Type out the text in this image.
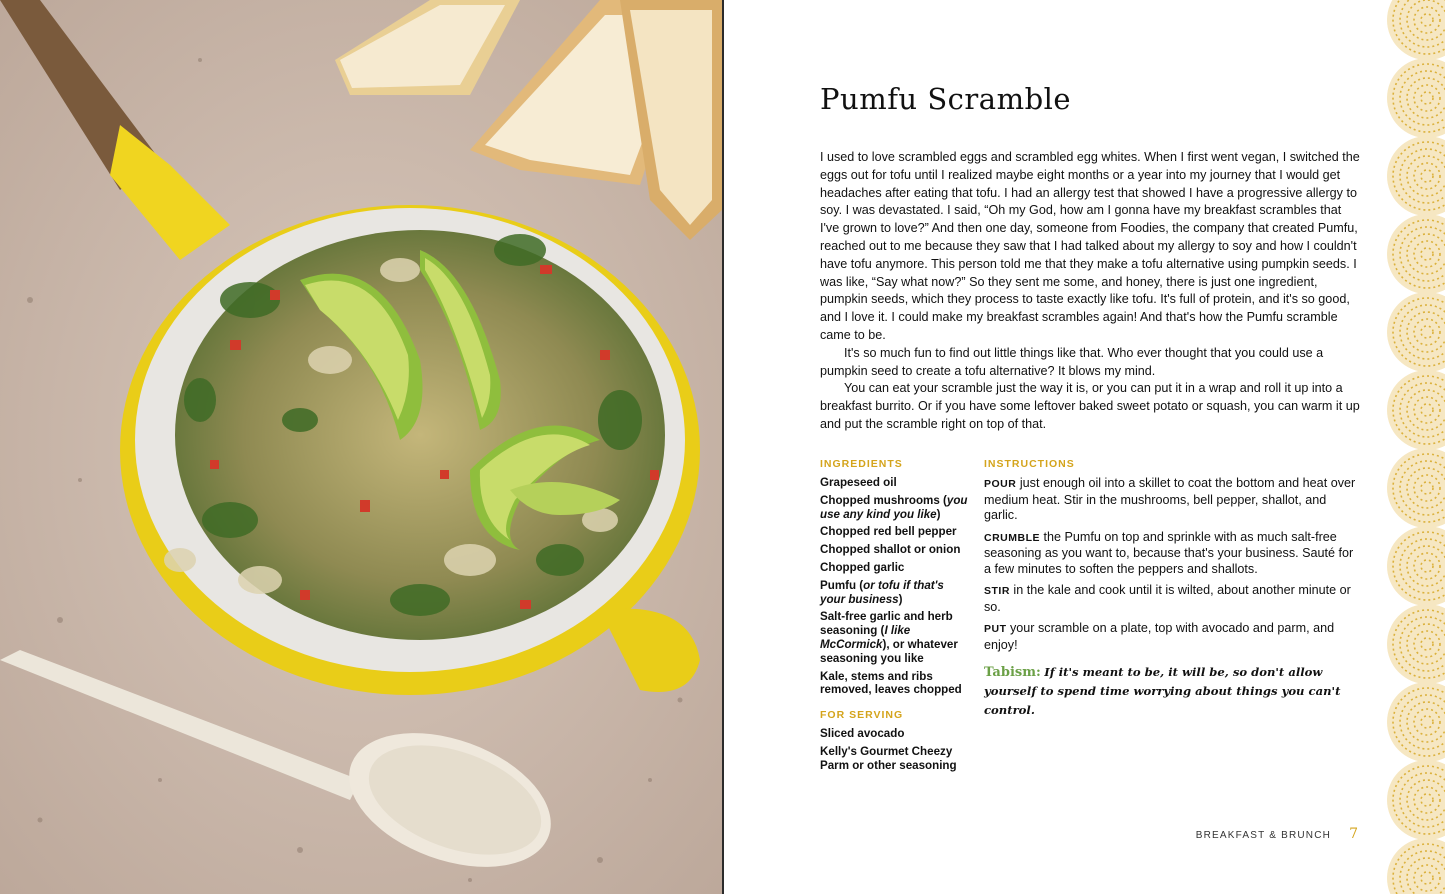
Pumfu Scramble

I used to love scrambled eggs and scrambled egg whites. When I first went vegan, I switched the eggs out for tofu until I realized maybe eight months or a year into my journey that I would get headaches after eating that tofu. I had an allergy test that showed I have a progressive allergy to soy. I was devastated. I said, “Oh my God, how am I gonna have my breakfast scrambles that I've grown to love?” And then one day, someone from Foodies, the company that created Pumfu, reached out to me because they saw that I had talked about my allergy to soy and how I couldn't have tofu anymore. This person told me that they make a tofu alternative using pumpkin seeds. I was like, “Say what now?” So they sent me some, and honey, there is just one ingredient, pumpkin seeds, which they process to taste exactly like tofu. It's full of protein, and it's so good, and I love it. I could make my breakfast scrambles again! And that's how the Pumfu scramble came to be.

It's so much fun to find out little things like that. Who ever thought that you could use a pumpkin seed to create a tofu alternative? It blows my mind.

You can eat your scramble just the way it is, or you can put it in a wrap and roll it up into a breakfast burrito. Or if you have some leftover baked sweet potato or squash, you can warm it up and put the scramble right on top of that.

INGREDIENTS
Grapeseed oil
Chopped mushrooms (you use any kind you like)
Chopped red bell pepper
Chopped shallot or onion
Chopped garlic
Pumfu (or tofu if that's your business)
Salt-free garlic and herb seasoning (I like McCormick), or whatever seasoning you like
Kale, stems and ribs removed, leaves chopped
FOR SERVING
Sliced avocado
Kelly's Gourmet Cheezy Parm or other seasoning
INSTRUCTIONS
POUR just enough oil into a skillet to coat the bottom and heat over medium heat. Stir in the mushrooms, bell pepper, shallot, and garlic.
CRUMBLE the Pumfu on top and sprinkle with as much salt-free seasoning as you want to, because that's your business. Sauté for a few minutes to soften the peppers and shallots.
STIR in the kale and cook until it is wilted, about another minute or so.
PUT your scramble on a plate, top with avocado and parm, and enjoy!
Tabism: If it's meant to be, it will be, so don't allow yourself to spend time worrying about things you can't control.
BREAKFAST & BRUNCH 7
